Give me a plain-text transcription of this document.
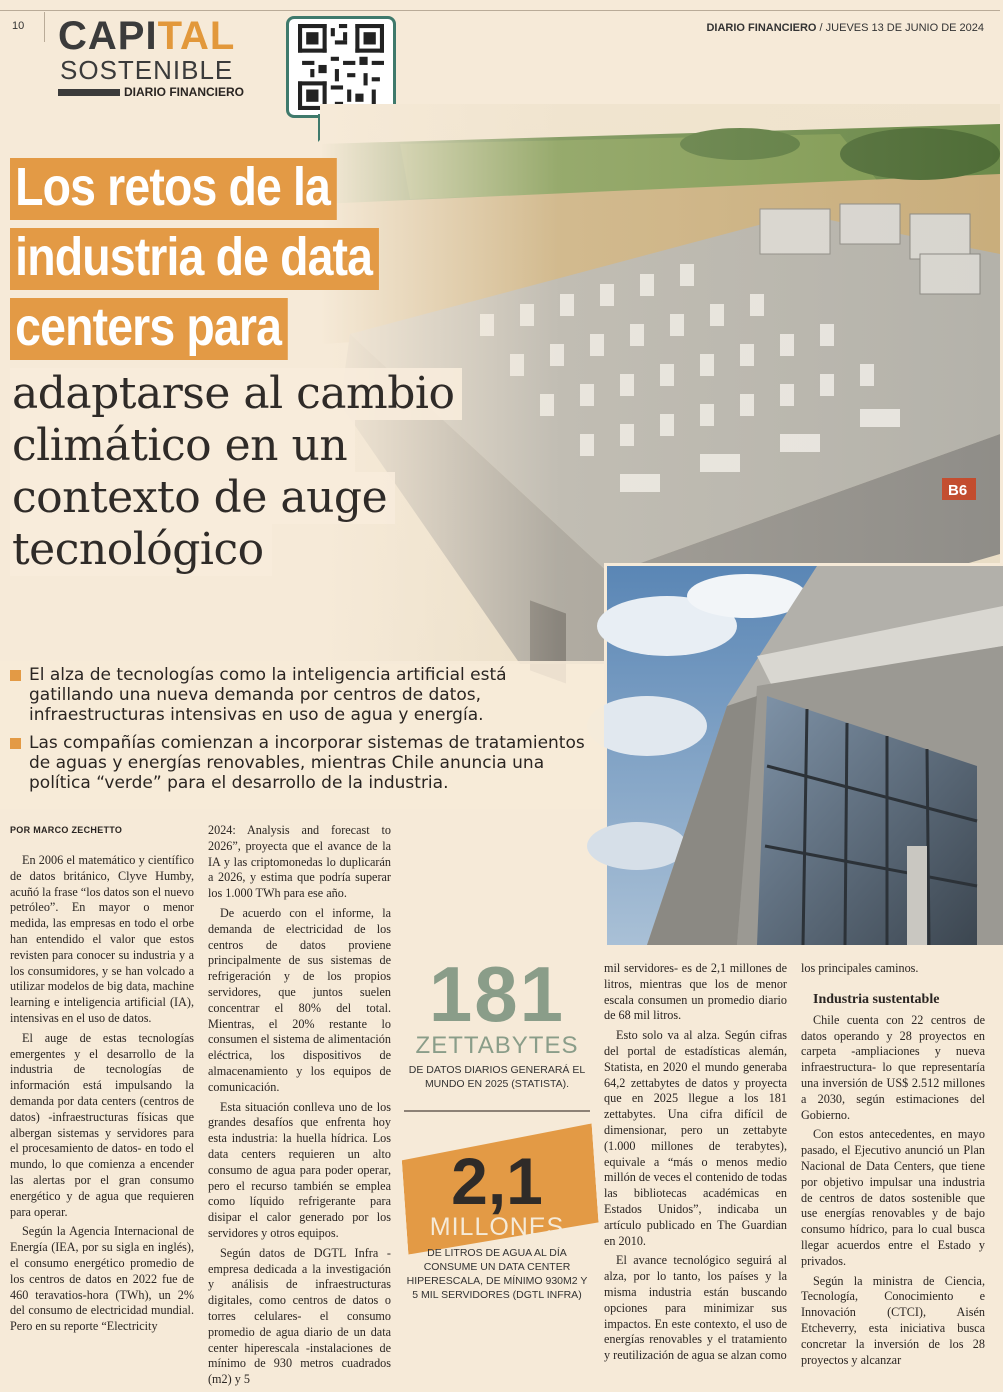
10 CAPITAL
SOSTENIBLE
DIARIO FINANCIERO
DIARIO FINANCIERO / JUEVES 13 DE JUNIO DE 2024
Los retos de la
industria de data
centers para
adaptarse al cambio
climático en un
contexto de auge
tecnológico
El alza de tecnologías como la inteligencia artificial está gatillando una nueva demanda por centros de datos, infraestructuras intensivas en uso de agua y energía.
Las compañías comienzan a incorporar sistemas de tratamientos de aguas y energías renovables, mientras Chile anuncia una política “verde” para el desarrollo de la industria.
POR MARCO ZECHETTO

En 2006 el matemático y científico de datos británico, Clyve Humby, acuñó la frase “los datos son el nuevo petróleo”. En mayor o menor medida, las empresas en todo el orbe han entendido el valor que estos revisten para conocer su industria y a los consumidores, y se han volcado a utilizar modelos de big data, machine learning e inteligencia artificial (IA), intensivas en el uso de datos.

El auge de estas tecnologías emergentes y el desarrollo de la industria de tecnologías de información está impulsando la demanda por data centers (centros de datos) -infraestructuras físicas que albergan sistemas y servidores para el procesamiento de datos- en todo el mundo, lo que comienza a encender las alertas por el gran consumo energético y de agua que requieren para operar.

Según la Agencia Internacional de Energía (IEA, por su sigla en inglés), el consumo energético promedio de los centros de datos en 2022 fue de 460 teravatios-hora (TWh), un 2% del consumo de electricidad mundial. Pero en su reporte “Electricity

2024: Analysis and forecast to 2026”, proyecta que el avance de la IA y las criptomonedas lo duplicarán a 2026, y estima que podría superar los 1.000 TWh para ese año.

De acuerdo con el informe, la demanda de electricidad de los centros de datos proviene principalmente de sus sistemas de refrigeración y de los propios servidores, que juntos suelen concentrar el 80% del total. Mientras, el 20% restante lo consumen el sistema de alimentación eléctrica, los dispositivos de almacenamiento y los equipos de comunicación.

Esta situación conlleva uno de los grandes desafíos que enfrenta hoy esta industria: la huella hídrica. Los data centers requieren un alto consumo de agua para poder operar, pero el recurso también se emplea como líquido refrigerante para disipar el calor generado por los servidores y otros equipos.

Según datos de DGTL Infra -empresa dedicada a la investigación y análisis de infraestructuras digitales, como centros de datos o torres celulares- el consumo promedio de agua diario de un data center hiperescala -instalaciones de mínimo de 930 metros cuadrados (m2) y 5

181
ZETTABYTES
DE DATOS DIARIOS GENERARÁ EL MUNDO EN 2025 (STATISTA).
2,1
MILLONES
DE LITROS DE AGUA AL DÍA CONSUME UN DATA CENTER HIPERESCALA, DE MÍNIMO 930M2 Y 5 MIL SERVIDORES (DGTL INFRA)

mil servidores- es de 2,1 millones de litros, mientras que los de menor escala consumen un promedio diario de 68 mil litros.

Esto solo va al alza. Según cifras del portal de estadísticas alemán, Statista, en 2020 el mundo generaba 64,2 zettabytes de datos y proyecta que en 2025 llegue a los 181 zettabytes. Una cifra difícil de dimensionar, pero un zettabyte (1.000 millones de terabytes), equivale a “más o menos medio millón de veces el contenido de todas las bibliotecas académicas en Estados Unidos”, indicaba un artículo publicado en The Guardian en 2010.

El avance tecnológico seguirá al alza, por lo tanto, los países y la misma industria están buscando opciones para minimizar sus impactos. En este contexto, el uso de energías renovables y el tratamiento y reutilización de agua se alzan como

los principales caminos.

Industria sustentable

Chile cuenta con 22 centros de datos operando y 28 proyectos en carpeta -ampliaciones y nueva infraestructura- lo que representaría una inversión de US$ 2.512 millones a 2030, según estimaciones del Gobierno.

Con estos antecedentes, en mayo pasado, el Ejecutivo anunció un Plan Nacional de Data Centers, que tiene por objetivo impulsar una industria de centros de datos sostenible que use energías renovables y de bajo consumo hídrico, para lo cual busca llegar acuerdos entre el Estado y privados.

Según la ministra de Ciencia, Tecnología, Conocimiento e Innovación (CTCI), Aisén Etcheverry, esta iniciativa busca concretar la inversión de los 28 proyectos y alcanzar
